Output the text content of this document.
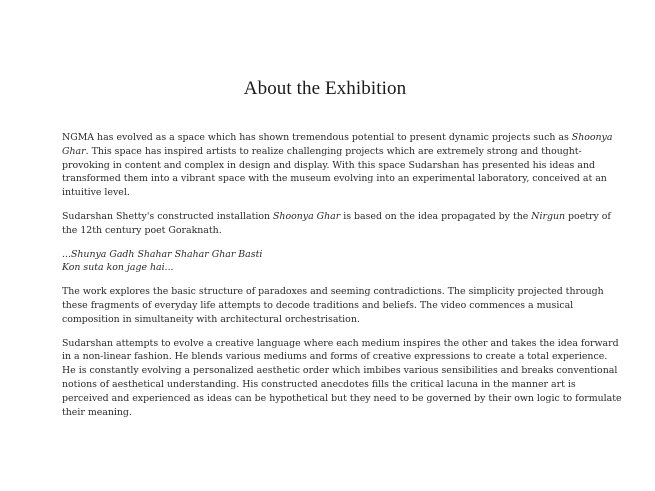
About the Exhibition

NGMA has evolved as a space which has shown tremendous potential to present dynamic projects such as Shoonya Ghar. This space has inspired artists to realize challenging projects which are extremely strong and thought-provoking in content and complex in design and display. With this space Sudarshan has presented his ideas and transformed them into a vibrant space with the museum evolving into an experimental laboratory, conceived at an intuitive level.

Sudarshan Shetty's constructed installation Shoonya Ghar is based on the idea propagated by the Nirgun poetry of the 12th century poet Goraknath.

...Shunya Gadh Shahar Shahar Ghar Basti
Kon suta kon jage hai...

The work explores the basic structure of paradoxes and seeming contradictions. The simplicity projected through these fragments of everyday life attempts to decode traditions and beliefs. The video commences a musical composition in simultaneity with architectural orchestrisation.

Sudarshan attempts to evolve a creative language where each medium inspires the other and takes the idea forward in a non-linear fashion. He blends various mediums and forms of creative expressions to create a total experience. He is constantly evolving a personalized aesthetic order which imbibes various sensibilities and breaks conventional notions of aesthetical understanding. His constructed anecdotes fills the critical lacuna in the manner art is perceived and experienced as ideas can be hypothetical but they need to be governed by their own logic to formulate their meaning.
